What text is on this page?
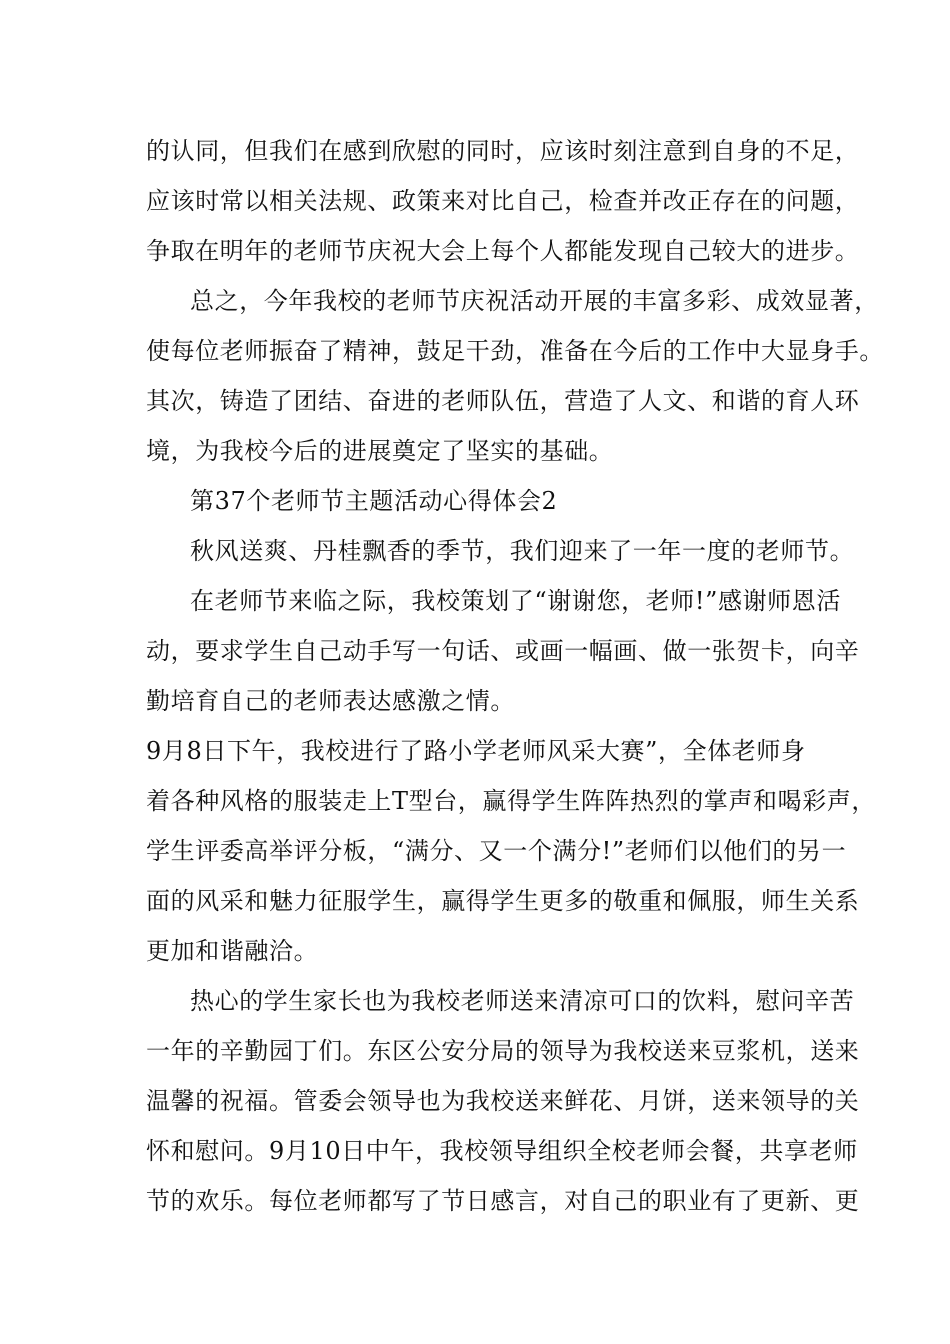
的认同，但我们在感到欣慰的同时，应该时刻注意到自身的不足，
应该时常以相关法规、政策来对比自己，检查并改正存在的问题，
争取在明年的老师节庆祝大会上每个人都能发现自己较大的进步。
总之，今年我校的老师节庆祝活动开展的丰富多彩、成效显著，
使每位老师振奋了精神，鼓足干劲，准备在今后的工作中大显身手。
其次，铸造了团结、奋进的老师队伍，营造了人文、和谐的育人环
境，为我校今后的进展奠定了坚实的基础。
第37个老师节主题活动心得体会2
秋风送爽、丹桂飘香的季节，我们迎来了一年一度的老师节。
在老师节来临之际，我校策划了“谢谢您，老师!”感谢师恩活
动，要求学生自己动手写一句话、或画一幅画、做一张贺卡，向辛
勤培育自己的老师表达感激之情。
9月8日下午，我校进行了路小学老师风采大赛”，全体老师身
着各种风格的服装走上T型台，赢得学生阵阵热烈的掌声和喝彩声，
学生评委高举评分板，“满分、又一个满分!”老师们以他们的另一
面的风采和魅力征服学生，赢得学生更多的敬重和佩服，师生关系
更加和谐融洽。
热心的学生家长也为我校老师送来清凉可口的饮料，慰问辛苦
一年的辛勤园丁们。东区公安分局的领导为我校送来豆浆机，送来
温馨的祝福。管委会领导也为我校送来鲜花、月饼，送来领导的关
怀和慰问。9月10日中午，我校领导组织全校老师会餐，共享老师
节的欢乐。每位老师都写了节日感言，对自己的职业有了更新、更
